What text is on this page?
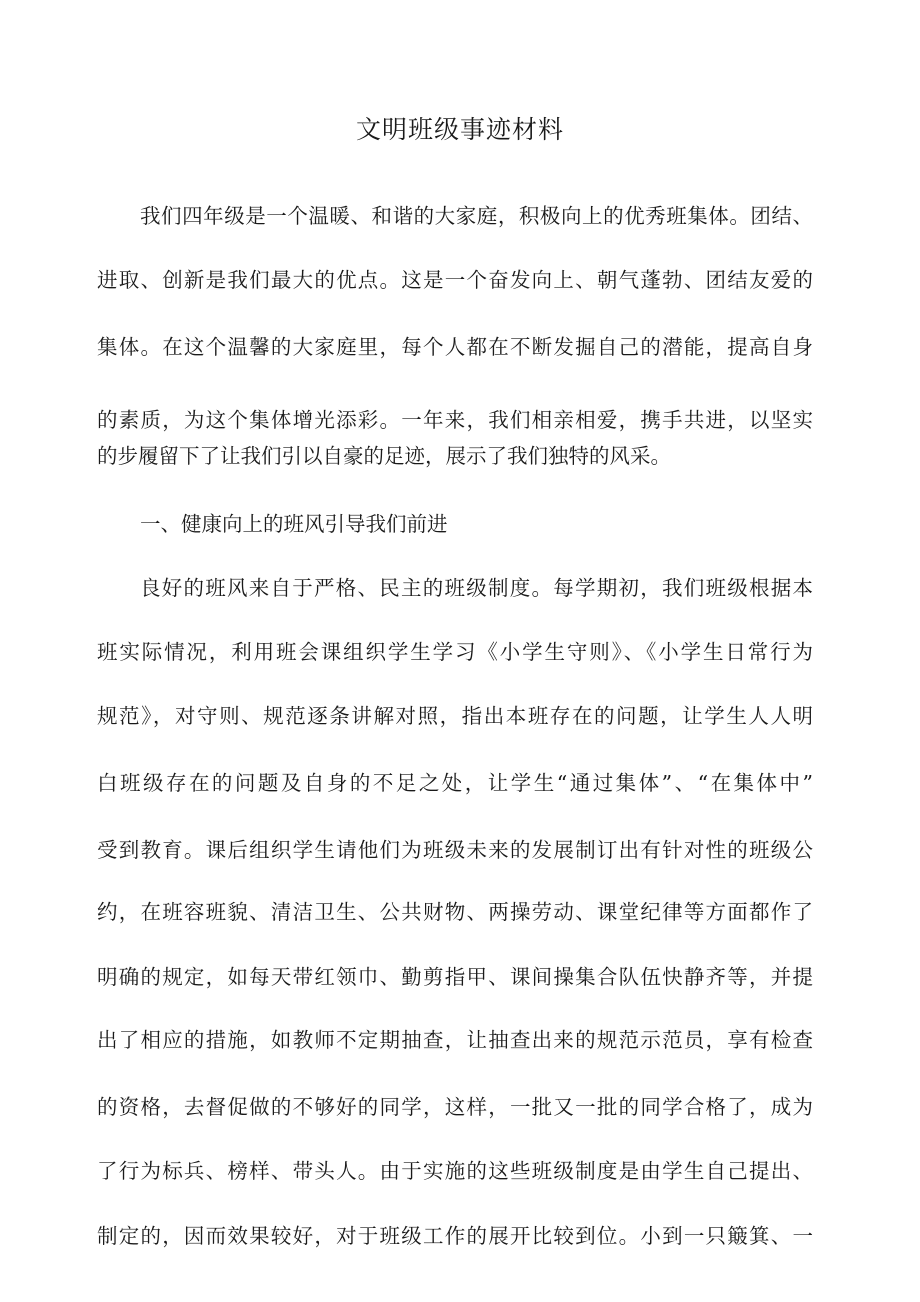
文明班级事迹材料
我们四年级是一个温暖、和谐的大家庭，积极向上的优秀班集体。团结、
进取、创新是我们最大的优点。这是一个奋发向上、朝气蓬勃、团结友爱的
集体。在这个温馨的大家庭里，每个人都在不断发掘自己的潜能，提高自身
的素质，为这个集体增光添彩。一年来，我们相亲相爱，携手共进，以坚实
的步履留下了让我们引以自豪的足迹，展示了我们独特的风采。
一、健康向上的班风引导我们前进
良好的班风来自于严格、民主的班级制度。每学期初，我们班级根据本
班实际情况，利用班会课组织学生学习《小学生守则》、《小学生日常行为
规范》，对守则、规范逐条讲解对照，指出本班存在的问题，让学生人人明
白班级存在的问题及自身的不足之处，让学生“通过集体”、“在集体中”
受到教育。课后组织学生请他们为班级未来的发展制订出有针对性的班级公
约，在班容班貌、清洁卫生、公共财物、两操劳动、课堂纪律等方面都作了
明确的规定，如每天带红领巾、勤剪指甲、课间操集合队伍快静齐等，并提
出了相应的措施，如教师不定期抽查，让抽查出来的规范示范员，享有检查
的资格，去督促做的不够好的同学，这样，一批又一批的同学合格了，成为
了行为标兵、榜样、带头人。由于实施的这些班级制度是由学生自己提出、
制定的，因而效果较好，对于班级工作的展开比较到位。小到一只簸箕、一
